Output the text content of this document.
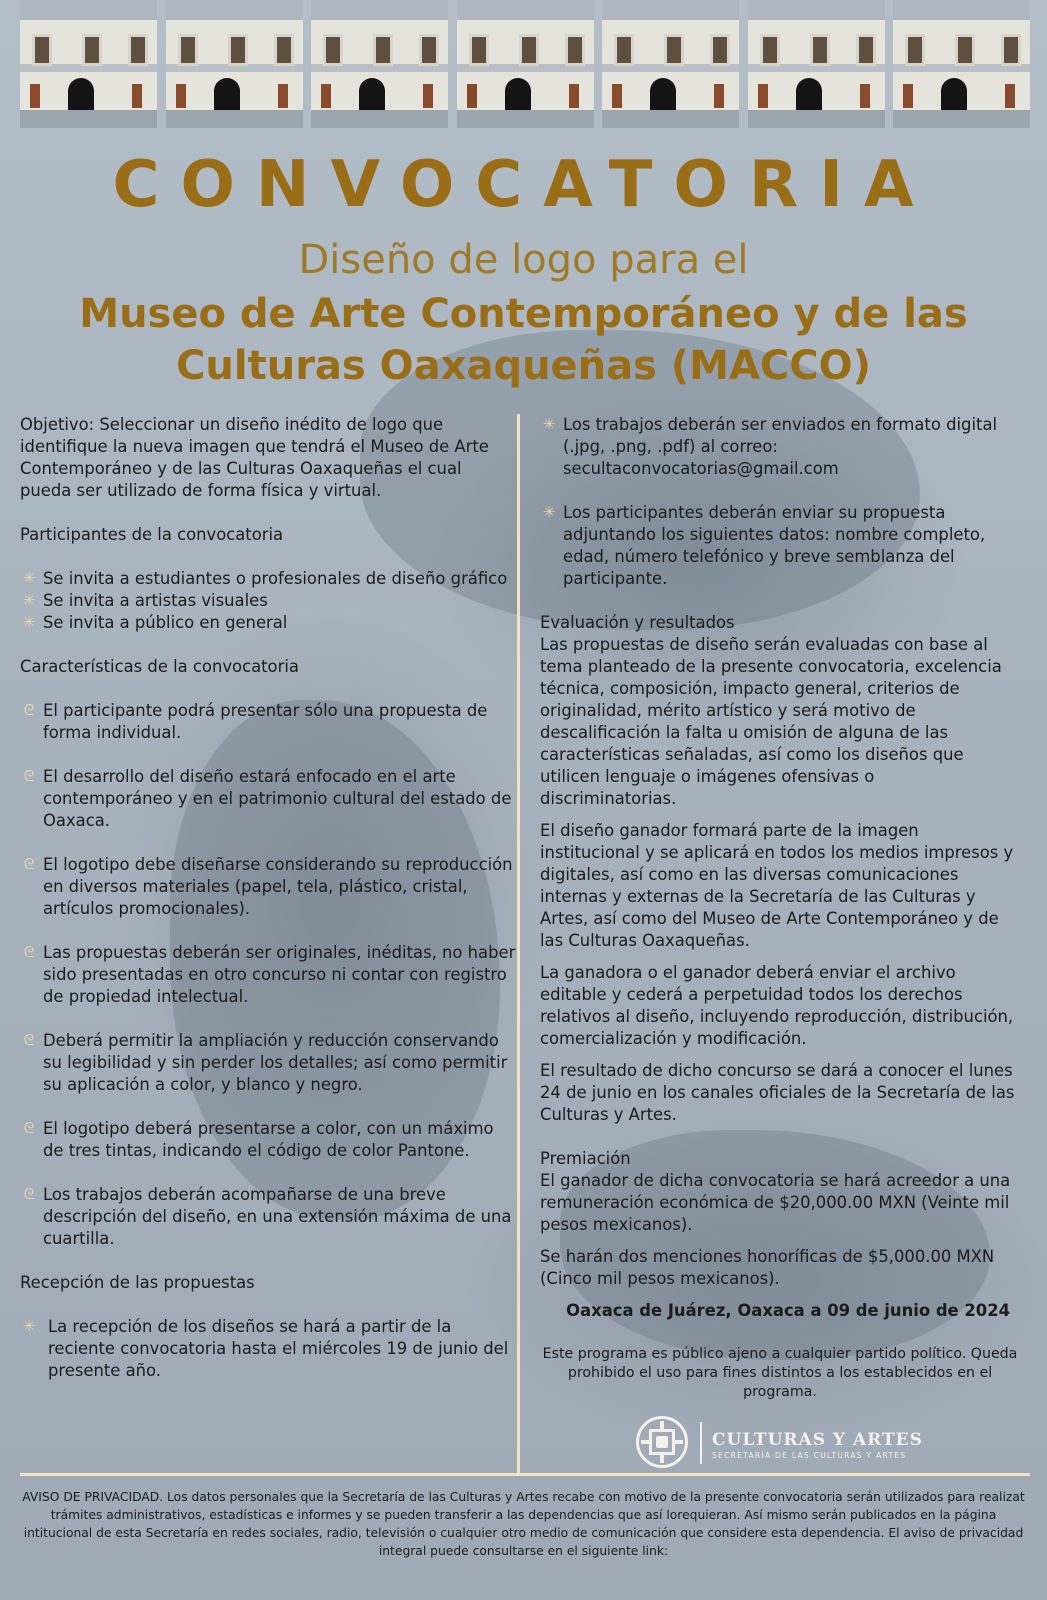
CONVOCATORIA
Diseño de logo para el
Museo de Arte Contemporáneo y de las Culturas Oaxaqueñas (MACCO)

Objetivo: Seleccionar un diseño inédito de logo que identifique la nueva imagen que tendrá el Museo de Arte Contemporáneo y de las Culturas Oaxaqueñas el cual pueda ser utilizado de forma física y virtual.

Participantes de la convocatoria

✳ Se invita a estudiantes o profesionales de diseño gráfico
✳ Se invita a artistas visuales
✳ Se invita a público en general

Características de la convocatoria

ᘓ El participante podrá presentar sólo una propuesta de forma individual.
ᘓ El desarrollo del diseño estará enfocado en el arte contemporáneo y en el patrimonio cultural del estado de Oaxaca.
ᘓ El logotipo debe diseñarse considerando su reproducción en diversos materiales (papel, tela, plástico, cristal, artículos promocionales).
ᘓ Las propuestas deberán ser originales, inéditas, no haber sido presentadas en otro concurso ni contar con registro de propiedad intelectual.
ᘓ Deberá permitir la ampliación y reducción conservando su legibilidad y sin perder los detalles; así como permitir su aplicación a color, y blanco y negro.
ᘓ El logotipo deberá presentarse a color, con un máximo de tres tintas, indicando el código de color Pantone.
ᘓ Los trabajos deberán acompañarse de una breve descripción del diseño, en una extensión máxima de una cuartilla.

Recepción de las propuestas

✳ La recepción de los diseños se hará a partir de la reciente convocatoria hasta el miércoles 19 de junio del presente año.
✳ Los trabajos deberán ser enviados en formato digital (.jpg, .png, .pdf) al correo: secultaconvocatorias@gmail.com
✳ Los participantes deberán enviar su propuesta adjuntando los siguientes datos: nombre completo, edad, número telefónico y breve semblanza del participante.

Evaluación y resultados

Las propuestas de diseño serán evaluadas con base al tema planteado de la presente convocatoria, excelencia técnica, composición, impacto general, criterios de originalidad, mérito artístico y será motivo de descalificación la falta u omisión de alguna de las características señaladas, así como los diseños que utilicen lenguaje o imágenes ofensivas o discriminatorias.

El diseño ganador formará parte de la imagen institucional y se aplicará en todos los medios impresos y digitales, así como en las diversas comunicaciones internas y externas de la Secretaría de las Culturas y Artes, así como del Museo de Arte Contemporáneo y de las Culturas Oaxaqueñas.

La ganadora o el ganador deberá enviar el archivo editable y cederá a perpetuidad todos los derechos relativos al diseño, incluyendo reproducción, distribución, comercialización y modificación.

El resultado de dicho concurso se dará a conocer el lunes 24 de junio en los canales oficiales de la Secretaría de las Culturas y Artes.

Premiación

El ganador de dicha convocatoria se hará acreedor a una remuneración económica de $20,000.00 MXN (Veinte mil pesos mexicanos).

Se harán dos menciones honoríficas de $5,000.00 MXN (Cinco mil pesos mexicanos).

Oaxaca de Juárez, Oaxaca a 09 de junio de 2024
Este programa es público ajeno a cualquier partido político. Queda prohibido el uso para fines distintos a los establecidos en el programa.
CULTURAS Y ARTES
SECRETARÍA DE LAS CULTURAS Y ARTES
AVISO DE PRIVACIDAD. Los datos personales que la Secretaría de las Culturas y Artes recabe con motivo de la presente convocatoria serán utilizados para realizat trámites administrativos, estadísticas e informes y se pueden transferir a las dependencias que así lorequieran. Así mismo serán publicados en la página intitucional de esta Secretaría en redes sociales, radio, televisión o cualquier otro medio de comunicación que considere esta dependencia. El aviso de privacidad integral puede consultarse en el siguiente link:
